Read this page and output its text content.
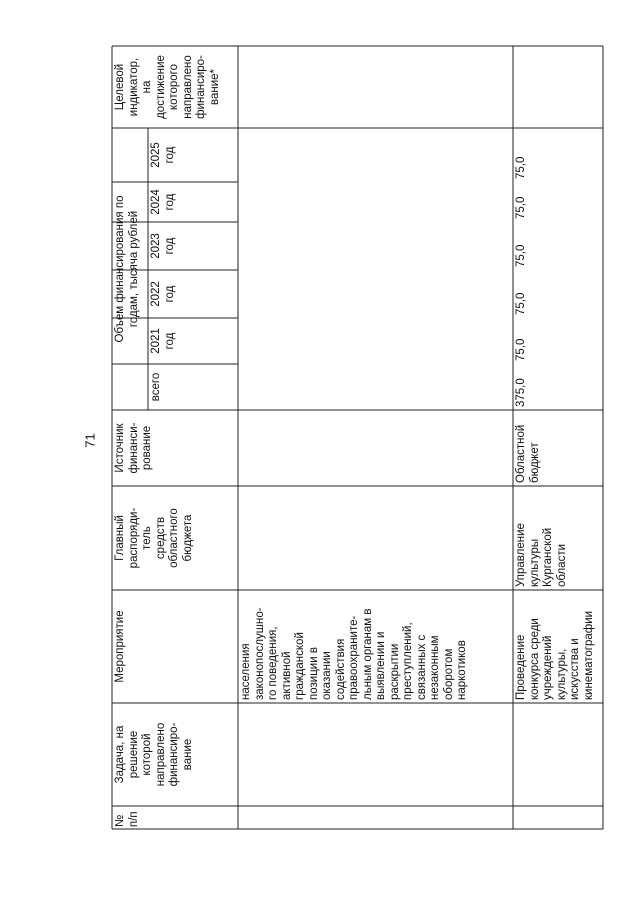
71
№ п/п
Задача, на решение которой направлено финансиро- вание
Мероприятие
Главный распоряди- тель средств областного бюджета
Источник финанси- рование
Объем финансирования по годам, тысяча рублей
всего
2021 год
2022 год
2023 год
2024 год
2025 год
Целевой индикатор, на достижение которого направлено финансиро- вание*
населения законопослушно- го поведения, активной гражданской позиции в оказании содействия правоохраните- льным органам в выявлении и раскрытии преступлений, связанных с незаконным оборотом наркотиков	Проведение конкурса среди учреждений культуры, искусства и кинематографии
Управление культуры Курганской области
Областной бюджет
375,0
75,0
75,0
75,0
75,0
75,0
